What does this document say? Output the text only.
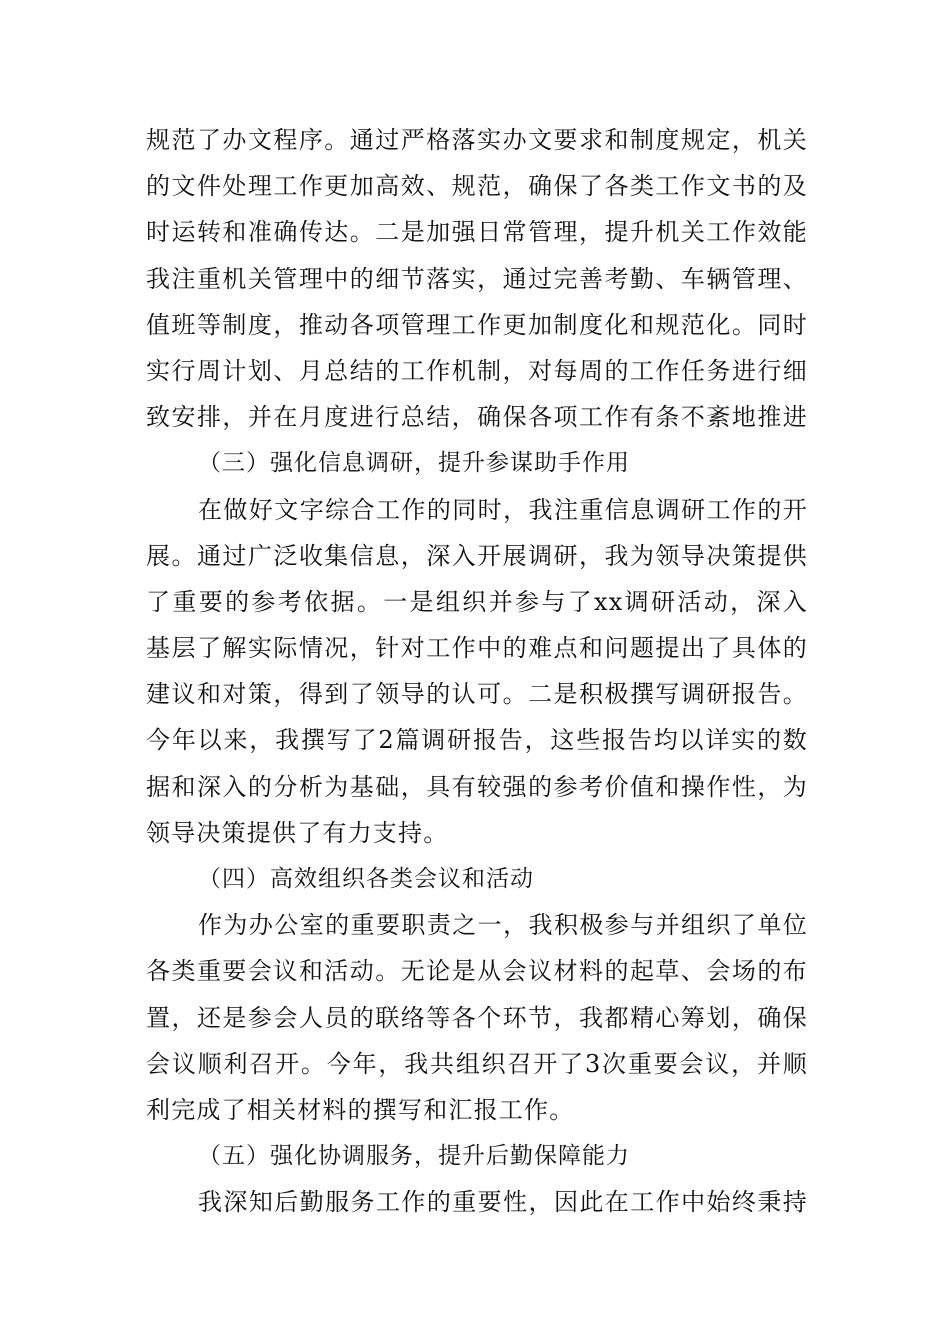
规范了办文程序。通过严格落实办文要求和制度规定，机关
的文件处理工作更加高效、规范，确保了各类工作文书的及
时运转和准确传达。二是加强日常管理，提升机关工作效能
我注重机关管理中的细节落实，通过完善考勤、车辆管理、
值班等制度，推动各项管理工作更加制度化和规范化。同时
实行周计划、月总结的工作机制，对每周的工作任务进行细
致安排，并在月度进行总结，确保各项工作有条不紊地推进
（三）强化信息调研，提升参谋助手作用
在做好文字综合工作的同时，我注重信息调研工作的开
展。通过广泛收集信息，深入开展调研，我为领导决策提供
了重要的参考依据。一是组织并参与了xx调研活动，深入
基层了解实际情况，针对工作中的难点和问题提出了具体的
建议和对策，得到了领导的认可。二是积极撰写调研报告。
今年以来，我撰写了2篇调研报告，这些报告均以详实的数
据和深入的分析为基础，具有较强的参考价值和操作性，为
领导决策提供了有力支持。
（四）高效组织各类会议和活动
作为办公室的重要职责之一，我积极参与并组织了单位
各类重要会议和活动。无论是从会议材料的起草、会场的布
置，还是参会人员的联络等各个环节，我都精心筹划，确保
会议顺利召开。今年，我共组织召开了3次重要会议，并顺
利完成了相关材料的撰写和汇报工作。
（五）强化协调服务，提升后勤保障能力
我深知后勤服务工作的重要性，因此在工作中始终秉持
